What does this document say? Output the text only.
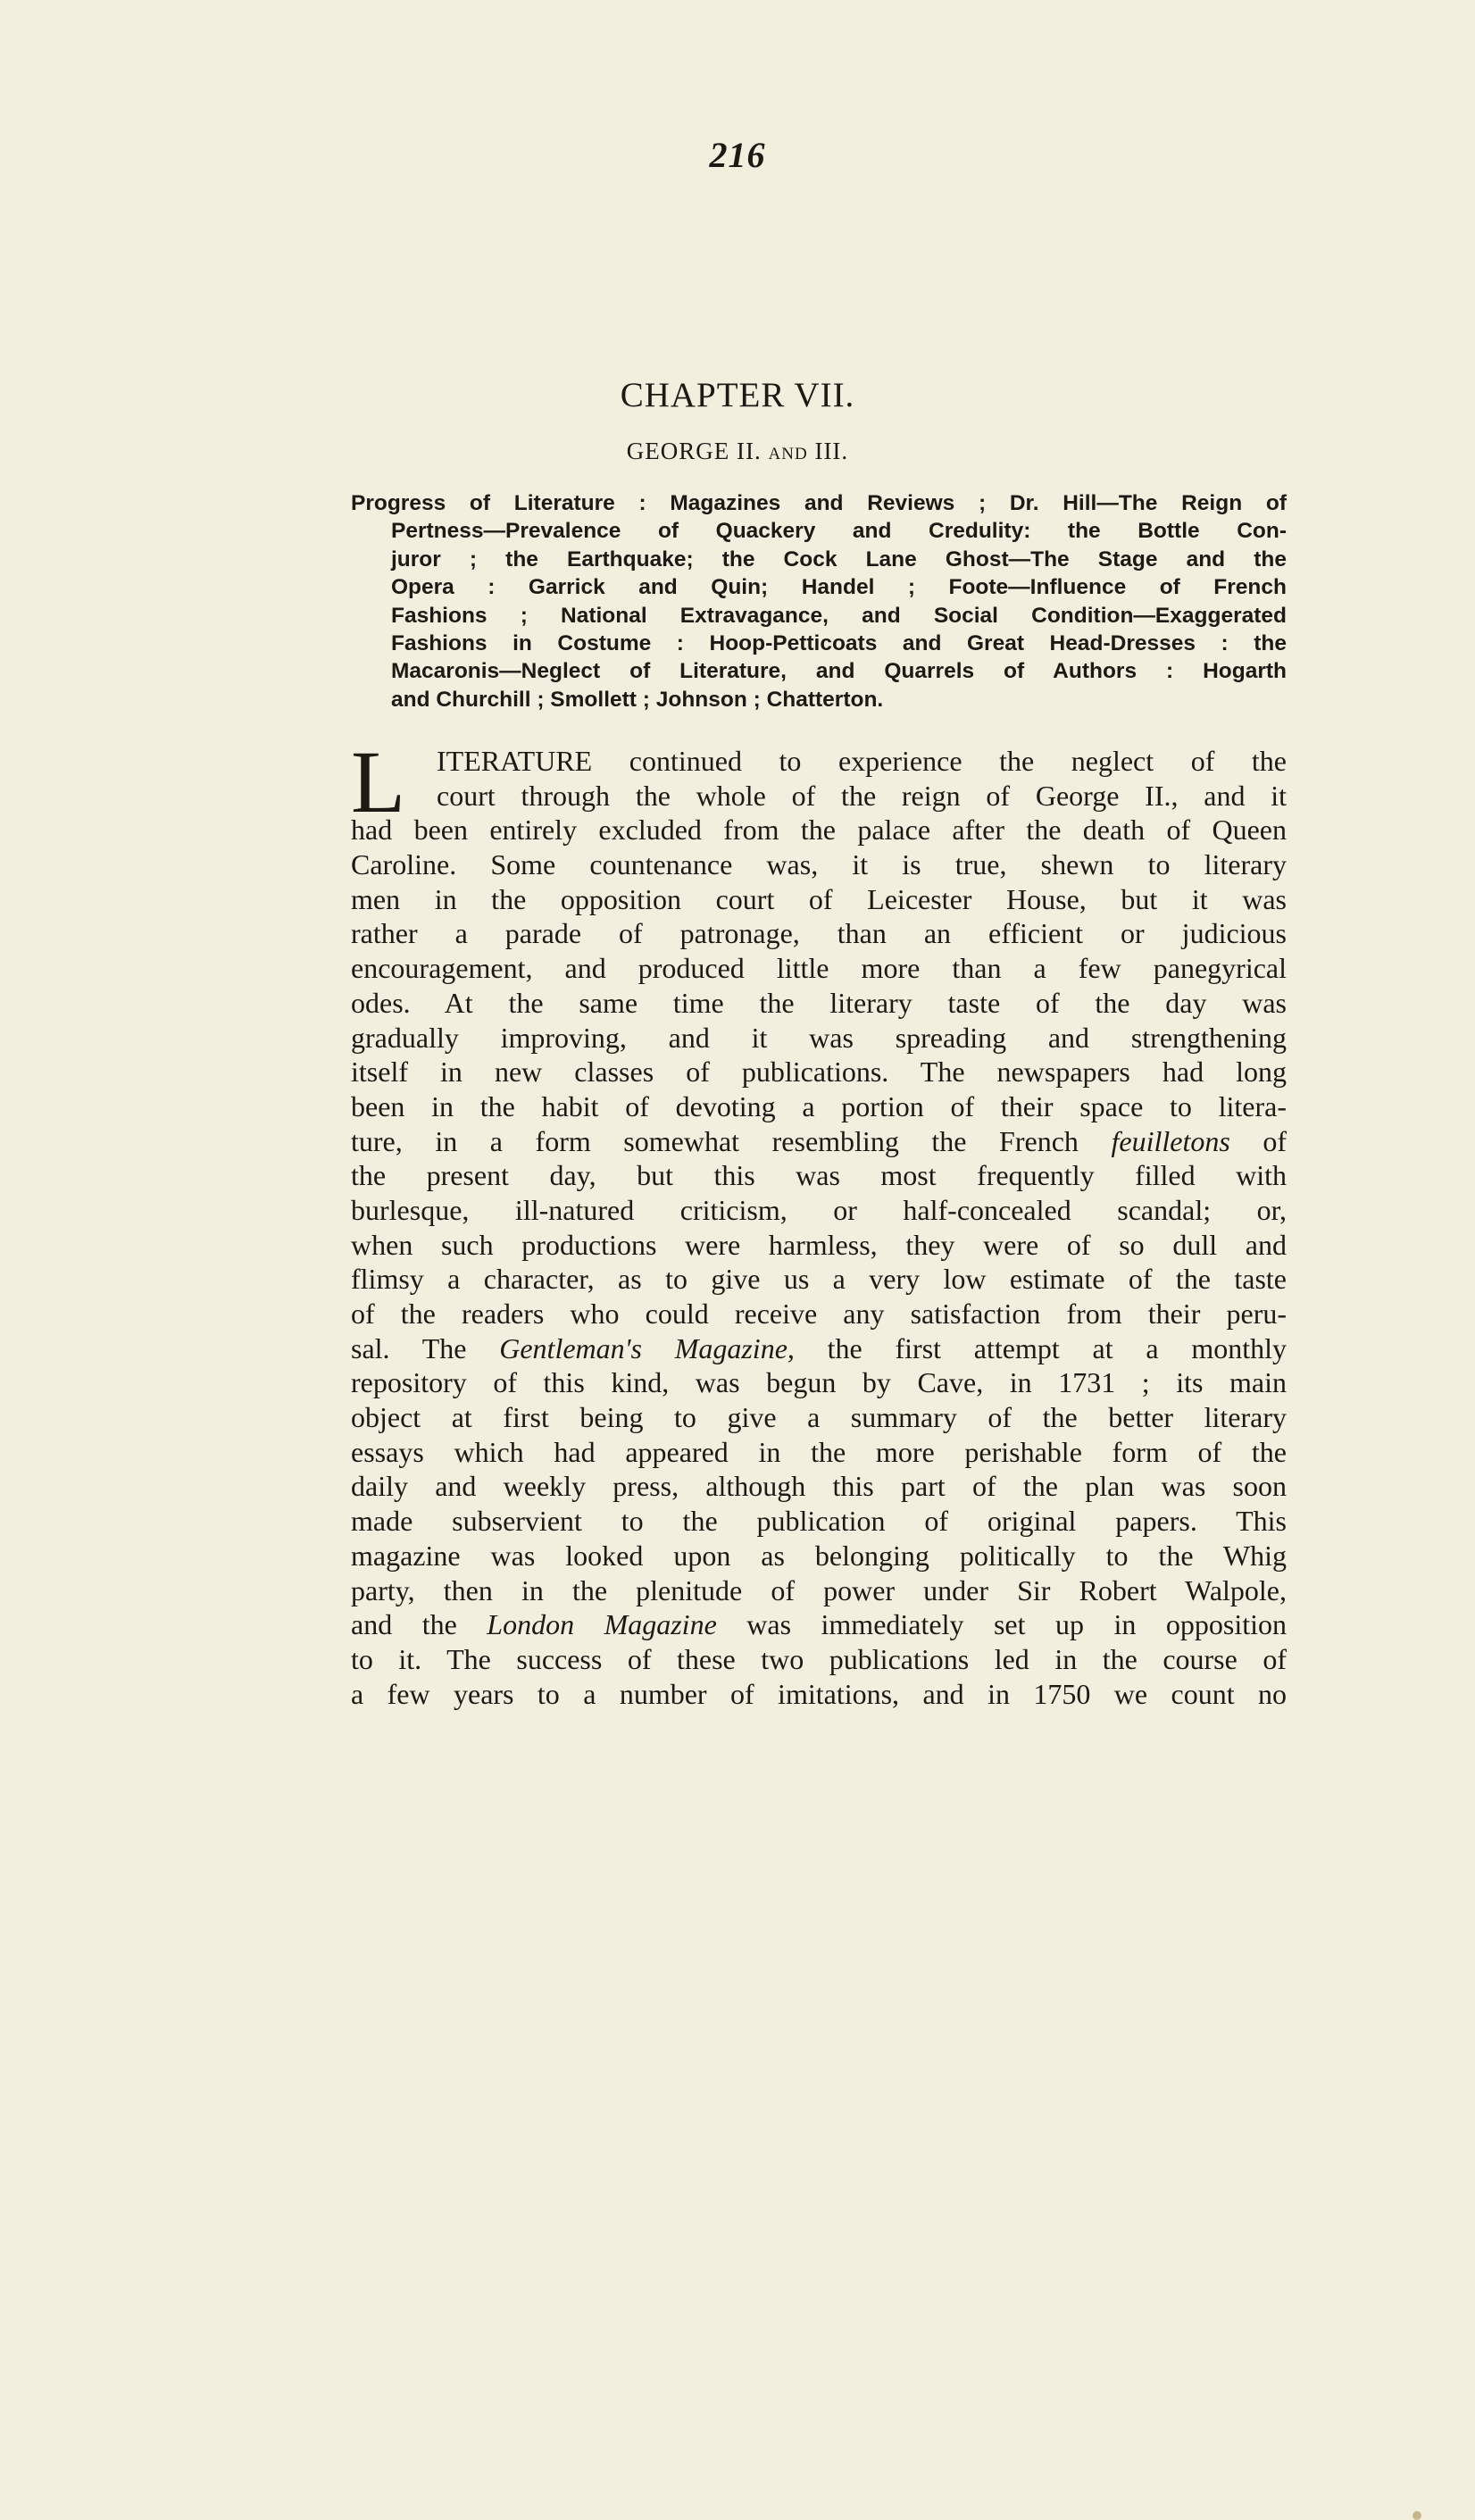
216
CHAPTER VII.
GEORGE II. AND III.
Progress of Literature : Magazines and Reviews ; Dr. Hill—The Reign of
Pertness—Prevalence of Quackery and Credulity: the Bottle Con-
juror ; the Earthquake; the Cock Lane Ghost—The Stage and the
Opera : Garrick and Quin; Handel ; Foote—Influence of French
Fashions ; National Extravagance, and Social Condition—Exaggerated
Fashions in Costume : Hoop-Petticoats and Great Head-Dresses : the
Macaronis—Neglect of Literature, and Quarrels of Authors : Hogarth
and Churchill ; Smollett ; Johnson ; Chatterton.
L	ITERATURE continued to experience the neglect of the
court through the whole of the reign of George II., and it
had been entirely excluded from the palace after the death of Queen
Caroline. Some countenance was, it is true, shewn to literary
men in the opposition court of Leicester House, but it was
rather a parade of patronage, than an efficient or judicious
encouragement, and produced little more than a few panegyrical
odes. At the same time the literary taste of the day was
gradually improving, and it was spreading and strengthening
itself in new classes of publications. The newspapers had long
been in the habit of devoting a portion of their space to litera-
ture, in a form somewhat resembling the French feuilletons of
the present day, but this was most frequently filled with
burlesque, ill-natured criticism, or half-concealed scandal; or,
when such productions were harmless, they were of so dull and
flimsy a character, as to give us a very low estimate of the taste
of the readers who could receive any satisfaction from their peru-
sal. The Gentleman's Magazine, the first attempt at a monthly
repository of this kind, was begun by Cave, in 1731 ; its main
object at first being to give a summary of the better literary
essays which had appeared in the more perishable form of the
daily and weekly press, although this part of the plan was soon
made subservient to the publication of original papers. This
magazine was looked upon as belonging politically to the Whig
party, then in the plenitude of power under Sir Robert Walpole,
and the London Magazine was immediately set up in opposition
to it. The success of these two publications led in the course of
a few years to a number of imitations, and in 1750 we count no
